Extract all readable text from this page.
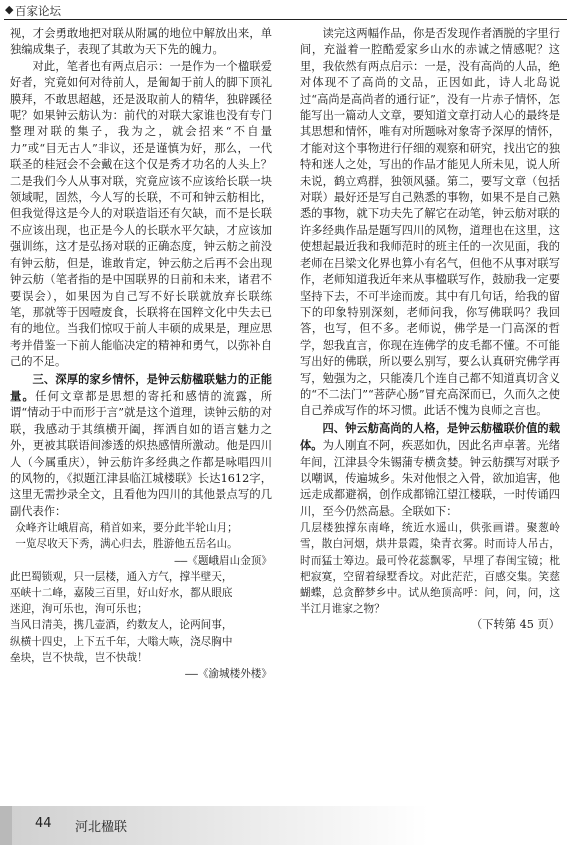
◆ 百家论坛

视，才会勇敢地把对联从附属的地位中解放出来，单独编成集子，表现了其敢为天下先的魄力。

对此，笔者也有两点启示：一是作为一个楹联爱好者，究竟如何对待前人，是匍匐于前人的脚下顶礼膜拜，不敢思超越，还是汲取前人的精华，独辟蹊径呢？如果钟云舫认为：前代的对联大家谁也没有专门整理对联的集子，我为之，就会招来“不自量力”或“目无古人”非议，还是谨慎为好，那么，一代联圣的桂冠会不会戴在这个仅是秀才功名的人头上？二是我们今人从事对联，究竟应该不应该给长联一块领域呢，固然，今人写的长联，不可和钟云舫相比，但我觉得这是今人的对联造诣还有欠缺，而不是长联不应该出现，也正是今人的长联水平欠缺，才应该加强训练，这才是弘扬对联的正确态度，钟云舫之前没有钟云舫，但是，谁敢肯定，钟云舫之后再不会出现钟云舫（笔者指的是中国联界的日前和未来，诸君不要误会），如果因为自己写不好长联就放弃长联练笔，那就等于因噎废食，长联将在国粹文化中失去已有的地位。当我们惊叹于前人丰硕的成果是，理应思考并借鉴一下前人能临决定的精神和勇气，以弥补自己的不足。

三、深厚的家乡情怀，是钟云舫楹联魅力的正能量。任何文章都是思想的寄托和感情的流露，所谓“情动于中而形于言”就是这个道理，读钟云舫的对联，我感动于其缜横开阖，挥洒自如的语言魅力之外，更被其联语间渗透的炽热感情所激动。他是四川人（今属重庆），钟云舫许多经典之作都是咏唱四川的风物的，《拟题江津县临江城楼联》长达1612字，这里无需抄录全文，且看他为四川的其他景点写的几副代表作：

众峰齐让峨眉高，稍首如来，要分此半轮山月；

一览尽收天下秀，满心归去，胜游他五岳名山。

——《题峨眉山金顶》

此巴蜀锁观，只一层楼，通入方气，撑半壁天，

巫峡十二峰，嘉陵三百里，好山好水，都从眼底

迷迎，洵可乐也，洵可乐也；

当风日清美，携几壶酒，约数友人，论两间事，

纵横十四史，上下五千年，大嗡大咴，浇尽胸中

垒块，岂不快哉，岂不快哉！

——《渝城楼外楼》

读完这两幅作品，你是否发现作者酒脱的字里行间，充溢着一腔酷爱家乡山水的赤诚之情感呢？这里，我依然有两点启示：一是，没有高尚的人品，绝对体现不了高尚的文品，正因如此，诗人北岛说过“高尚是高尚者的通行证”，没有一片赤子情怀，怎能写出一篇动人文章，要知道文章打动人心的最终是其思想和情怀，唯有对所题咏对象寄予深厚的情怀，才能对这个事物进行仔细的观察和研究，找出它的独特和迷人之处，写出的作品才能见人所未见，说人所未说，鹤立鸡群，独领风骚。第二，要写文章（包括对联）最好还是写自己熟悉的事物，如果不是自己熟悉的事物，就下功夫先了解它在动笔，钟云舫对联的许多经典作品是题写四川的风物，道理也在这里，这使想起最近我和我师范时的班主任的一次见面，我的老师在吕梁文化界也算小有名气，但他不从事对联写作，老师知道我近年来从事楹联写作，鼓励我一定要坚持下去，不可半途而废。其中有几句话，给我的留下的印象特别深刻，老师问我，你写佛联吗？我回答，也写，但不多。老师说，佛学是一门高深的哲学，恕我直言，你现在连佛学的皮毛都不懂。不可能写出好的佛联，所以要么别写，要么认真研究佛学再写，勉强为之，只能凑几个连自己都不知道真切含义的“不二法门”“菩萨心肠”冒充高深而已，久而久之使自己养成写作的坏习惯。此话不愧为良师之言也。

四、钟云舫高尚的人格，是钟云舫楹联价值的载体。为人刚直不阿，疾恶如仇，因此名声卓著。光绪年间，江津县令朱锡蒲专横贪婪。钟云舫撰写对联予以嘲讽，传遍城乡。朱对他恨之入骨，欲加追害，他远走成都避祸，创作成都锦江望江楼联，一时传诵四川，至今仍然高悬。全联如下：

几层楼独撑东南峰，统近水遥山，供张画谱。聚葱岭雪，散白河烟，烘井景霞，染青衣雾。时而诗人吊古，时而猛士筹边。最可怜花蕊飘零，早埋了春闺宝镜；枇杷寂寞，空留着绿墅香坟。对此茫茫，百感交集。笑慈蝴蝶，总贪醉梦乡中。试从绝顶高呼：问，问，问，这半江月谁家之物？

（下转第 45 页）

44 河北楹联
